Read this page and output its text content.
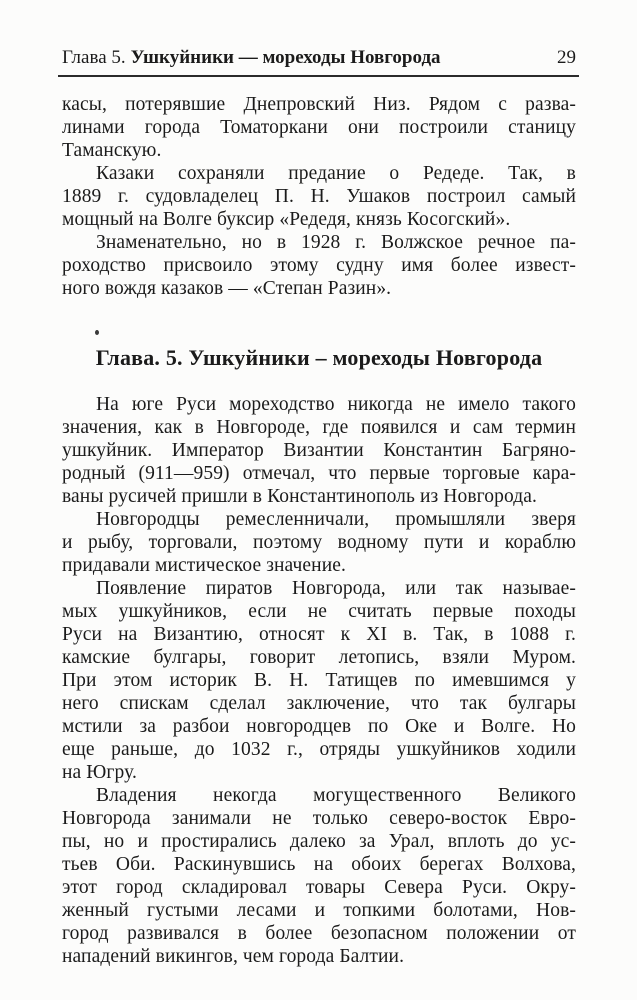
Глава 5. Ушкуйники — мореходы Новгорода	29
касы, потерявшие Днепровский Низ. Рядом с разва-
линами города Томаторкани они построили станицу
Таманскую.
Казаки сохраняли предание о Редеде. Так, в
1889 г. судовладелец П. Н. Ушаков построил самый
мощный на Волге буксир «Редедя, князь Косогский».
Знаменательно, но в 1928 г. Волжское речное па-
роходство присвоило этому судну имя более извест-
ного вождя казаков — «Степан Разин».
Глава. 5. Ушкуйники – мореходы Новгорода
На юге Руси мореходство никогда не имело такого
значения, как в Новгороде, где появился и сам термин
ушкуйник. Император Византии Константин Багряно-
родный (911—959) отмечал, что первые торговые кара-
ваны русичей пришли в Константинополь из Новгорода.
Новгородцы ремесленничали, промышляли зверя
и рыбу, торговали, поэтому водному пути и кораблю
придавали мистическое значение.
Появление пиратов Новгорода, или так называе-
мых ушкуйников, если не считать первые походы
Руси на Византию, относят к XI в. Так, в 1088 г.
камские булгары, говорит летопись, взяли Муром.
При этом историк В. Н. Татищев по имевшимся у
него спискам сделал заключение, что так булгары
мстили за разбои новгородцев по Оке и Волге. Но
еще раньше, до 1032 г., отряды ушкуйников ходили
на Югру.
Владения некогда могущественного Великого
Новгорода занимали не только северо-восток Евро-
пы, но и простирались далеко за Урал, вплоть до ус-
тьев Оби. Раскинувшись на обоих берегах Волхова,
этот город складировал товары Севера Руси. Окру-
женный густыми лесами и топкими болотами, Нов-
город развивался в более безопасном положении от
нападений викингов, чем города Балтии.
